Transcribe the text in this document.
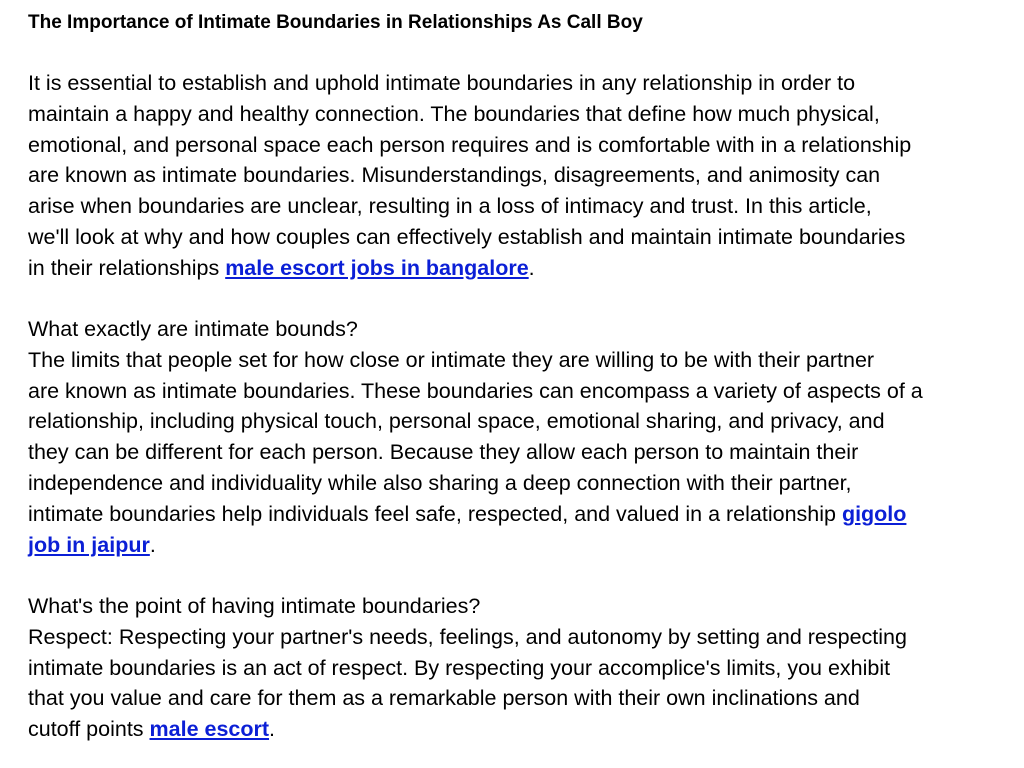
The Importance of Intimate Boundaries in Relationships As Call Boy
It is essential to establish and uphold intimate boundaries in any relationship in order to
maintain a happy and healthy connection. The boundaries that define how much physical,
emotional, and personal space each person requires and is comfortable with in a relationship
are known as intimate boundaries. Misunderstandings, disagreements, and animosity can
arise when boundaries are unclear, resulting in a loss of intimacy and trust. In this article,
we'll look at why and how couples can effectively establish and maintain intimate boundaries
in their relationships male escort jobs in bangalore.
What exactly are intimate bounds?
The limits that people set for how close or intimate they are willing to be with their partner
are known as intimate boundaries. These boundaries can encompass a variety of aspects of a
relationship, including physical touch, personal space, emotional sharing, and privacy, and
they can be different for each person. Because they allow each person to maintain their
independence and individuality while also sharing a deep connection with their partner,
intimate boundaries help individuals feel safe, respected, and valued in a relationship gigolo
job in jaipur.
What's the point of having intimate boundaries?
Respect: Respecting your partner's needs, feelings, and autonomy by setting and respecting
intimate boundaries is an act of respect. By respecting your accomplice's limits, you exhibit
that you value and care for them as a remarkable person with their own inclinations and
cutoff points male escort.
